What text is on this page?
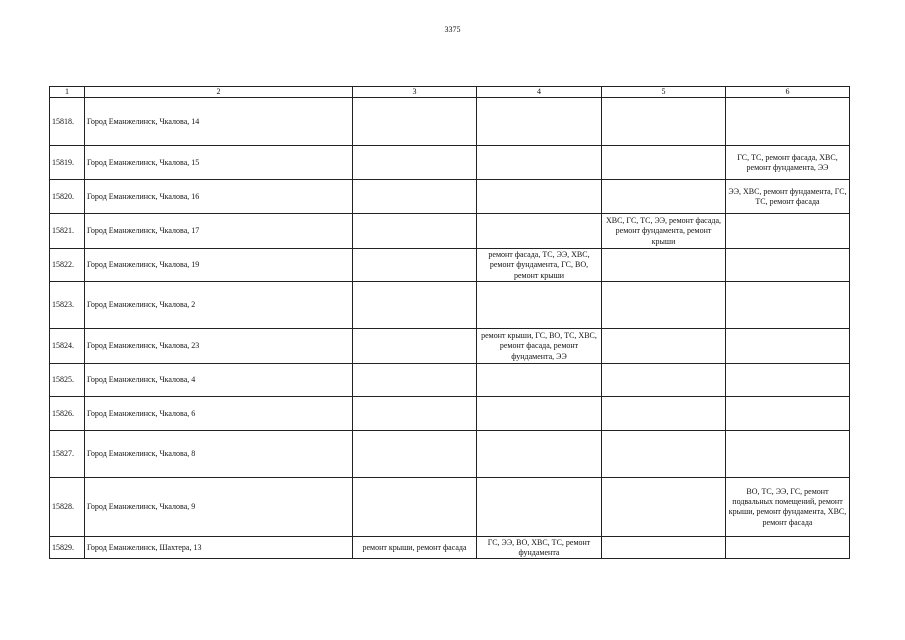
3375
1	2	3	4	5	6
15818.	Город Еманжелинск, Чкалова, 14				
15819.	Город Еманжелинск, Чкалова, 15				ГС, ТС, ремонт фасада, ХВС, ремонт фундамента, ЭЭ
15820.	Город Еманжелинск, Чкалова, 16				ЭЭ, ХВС, ремонт фундамента, ГС, ТС, ремонт фасада
15821.	Город Еманжелинск, Чкалова, 17			ХВС, ГС, ТС, ЭЭ, ремонт фасада, ремонт фундамента, ремонт крыши	
15822.	Город Еманжелинск, Чкалова, 19		ремонт фасада, ТС, ЭЭ, ХВС, ремонт фундамента, ГС, ВО, ремонт крыши		
15823.	Город Еманжелинск, Чкалова, 2				
15824.	Город Еманжелинск, Чкалова, 23		ремонт крыши, ГС, ВО, ТС, ХВС, ремонт фасада, ремонт фундамента, ЭЭ		
15825.	Город Еманжелинск, Чкалова, 4				
15826.	Город Еманжелинск, Чкалова, 6				
15827.	Город Еманжелинск, Чкалова, 8				
15828.	Город Еманжелинск, Чкалова, 9				ВО, ТС, ЭЭ, ГС, ремонт подвальных помещений, ремонт крыши, ремонт фундамента, ХВС, ремонт фасада
15829.	Город Еманжелинск, Шахтера, 13	ремонт крыши, ремонт фасада	ГС, ЭЭ, ВО, ХВС, ТС, ремонт фундамента		
